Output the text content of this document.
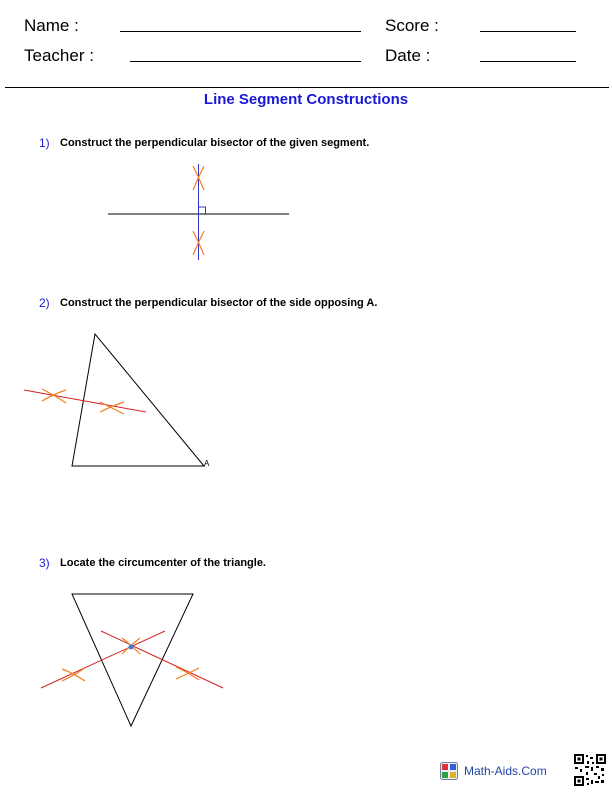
Name :	Score :
Teacher :	Date :
Line Segment Constructions
1) Construct the perpendicular bisector of the given segment.
2) Construct the perpendicular bisector of the side opposing A.
A
3) Locate the circumcenter of the triangle.
Math-Aids.Com
